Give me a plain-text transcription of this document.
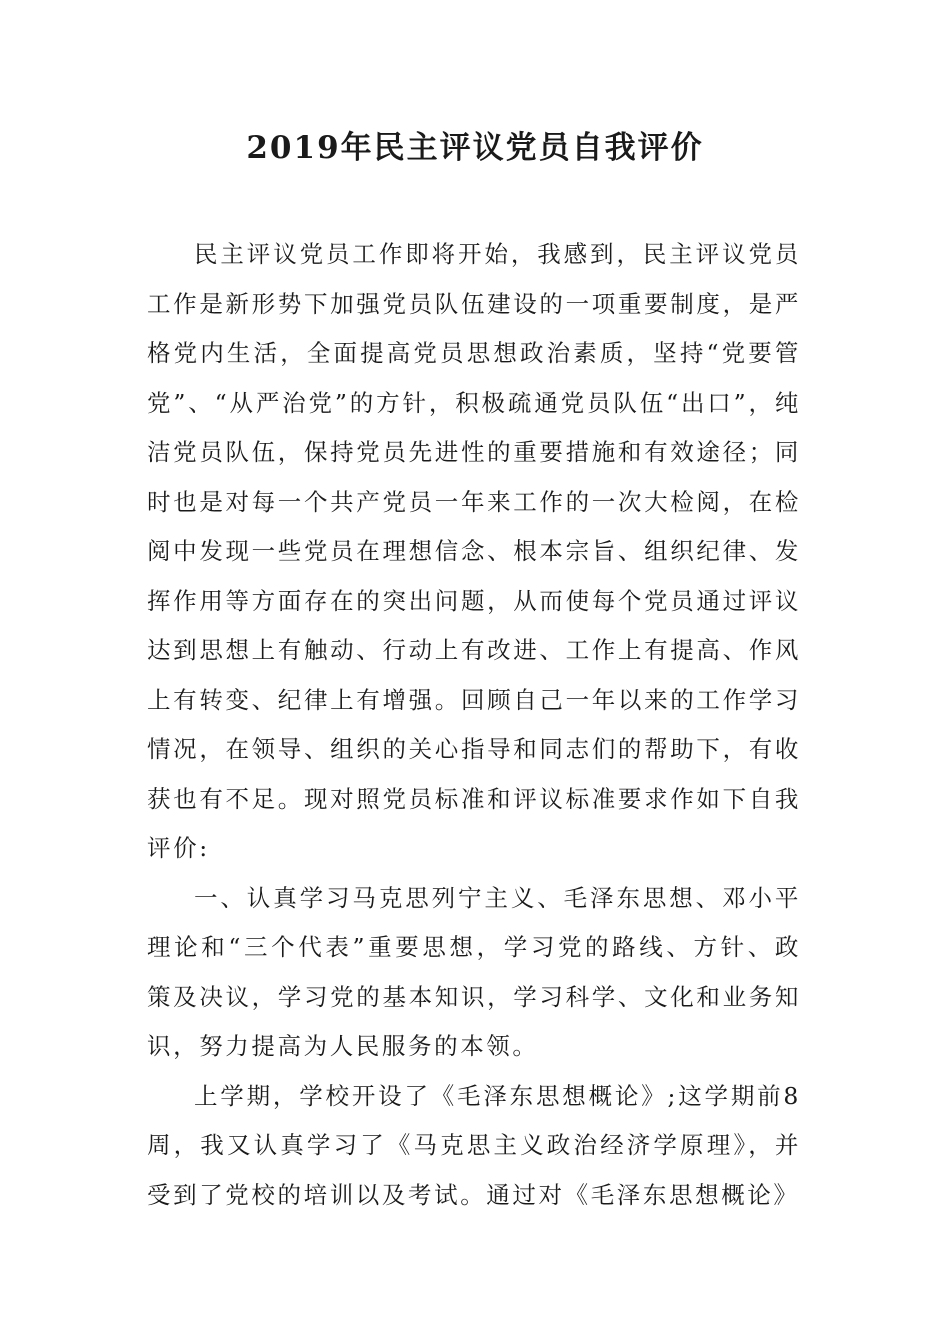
2019年民主评议党员自我评价

民主评议党员工作即将开始，我感到，民主评议党员工作是新形势下加强党员队伍建设的一项重要制度，是严格党内生活，全面提高党员思想政治素质，坚持“党要管党”、“从严治党”的方针，积极疏通党员队伍“出口”，纯洁党员队伍，保持党员先进性的重要措施和有效途径；同时也是对每一个共产党员一年来工作的一次大检阅，在检阅中发现一些党员在理想信念、根本宗旨、组织纪律、发挥作用等方面存在的突出问题，从而使每个党员通过评议达到思想上有触动、行动上有改进、工作上有提高、作风上有转变、纪律上有增强。回顾自己一年以来的工作学习情况，在领导、组织的关心指导和同志们的帮助下，有收获也有不足。现对照党员标准和评议标准要求作如下自我评价:

一、认真学习马克思列宁主义、毛泽东思想、邓小平理论和“三个代表”重要思想，学习党的路线、方针、政策及决议，学习党的基本知识，学习科学、文化和业务知识，努力提高为人民服务的本领。

上学期，学校开设了《毛泽东思想概论》;这学期前8周，我又认真学习了《马克思主义政治经济学原理》，并受到了党校的培训以及考试。通过对《毛泽东思想概论》
